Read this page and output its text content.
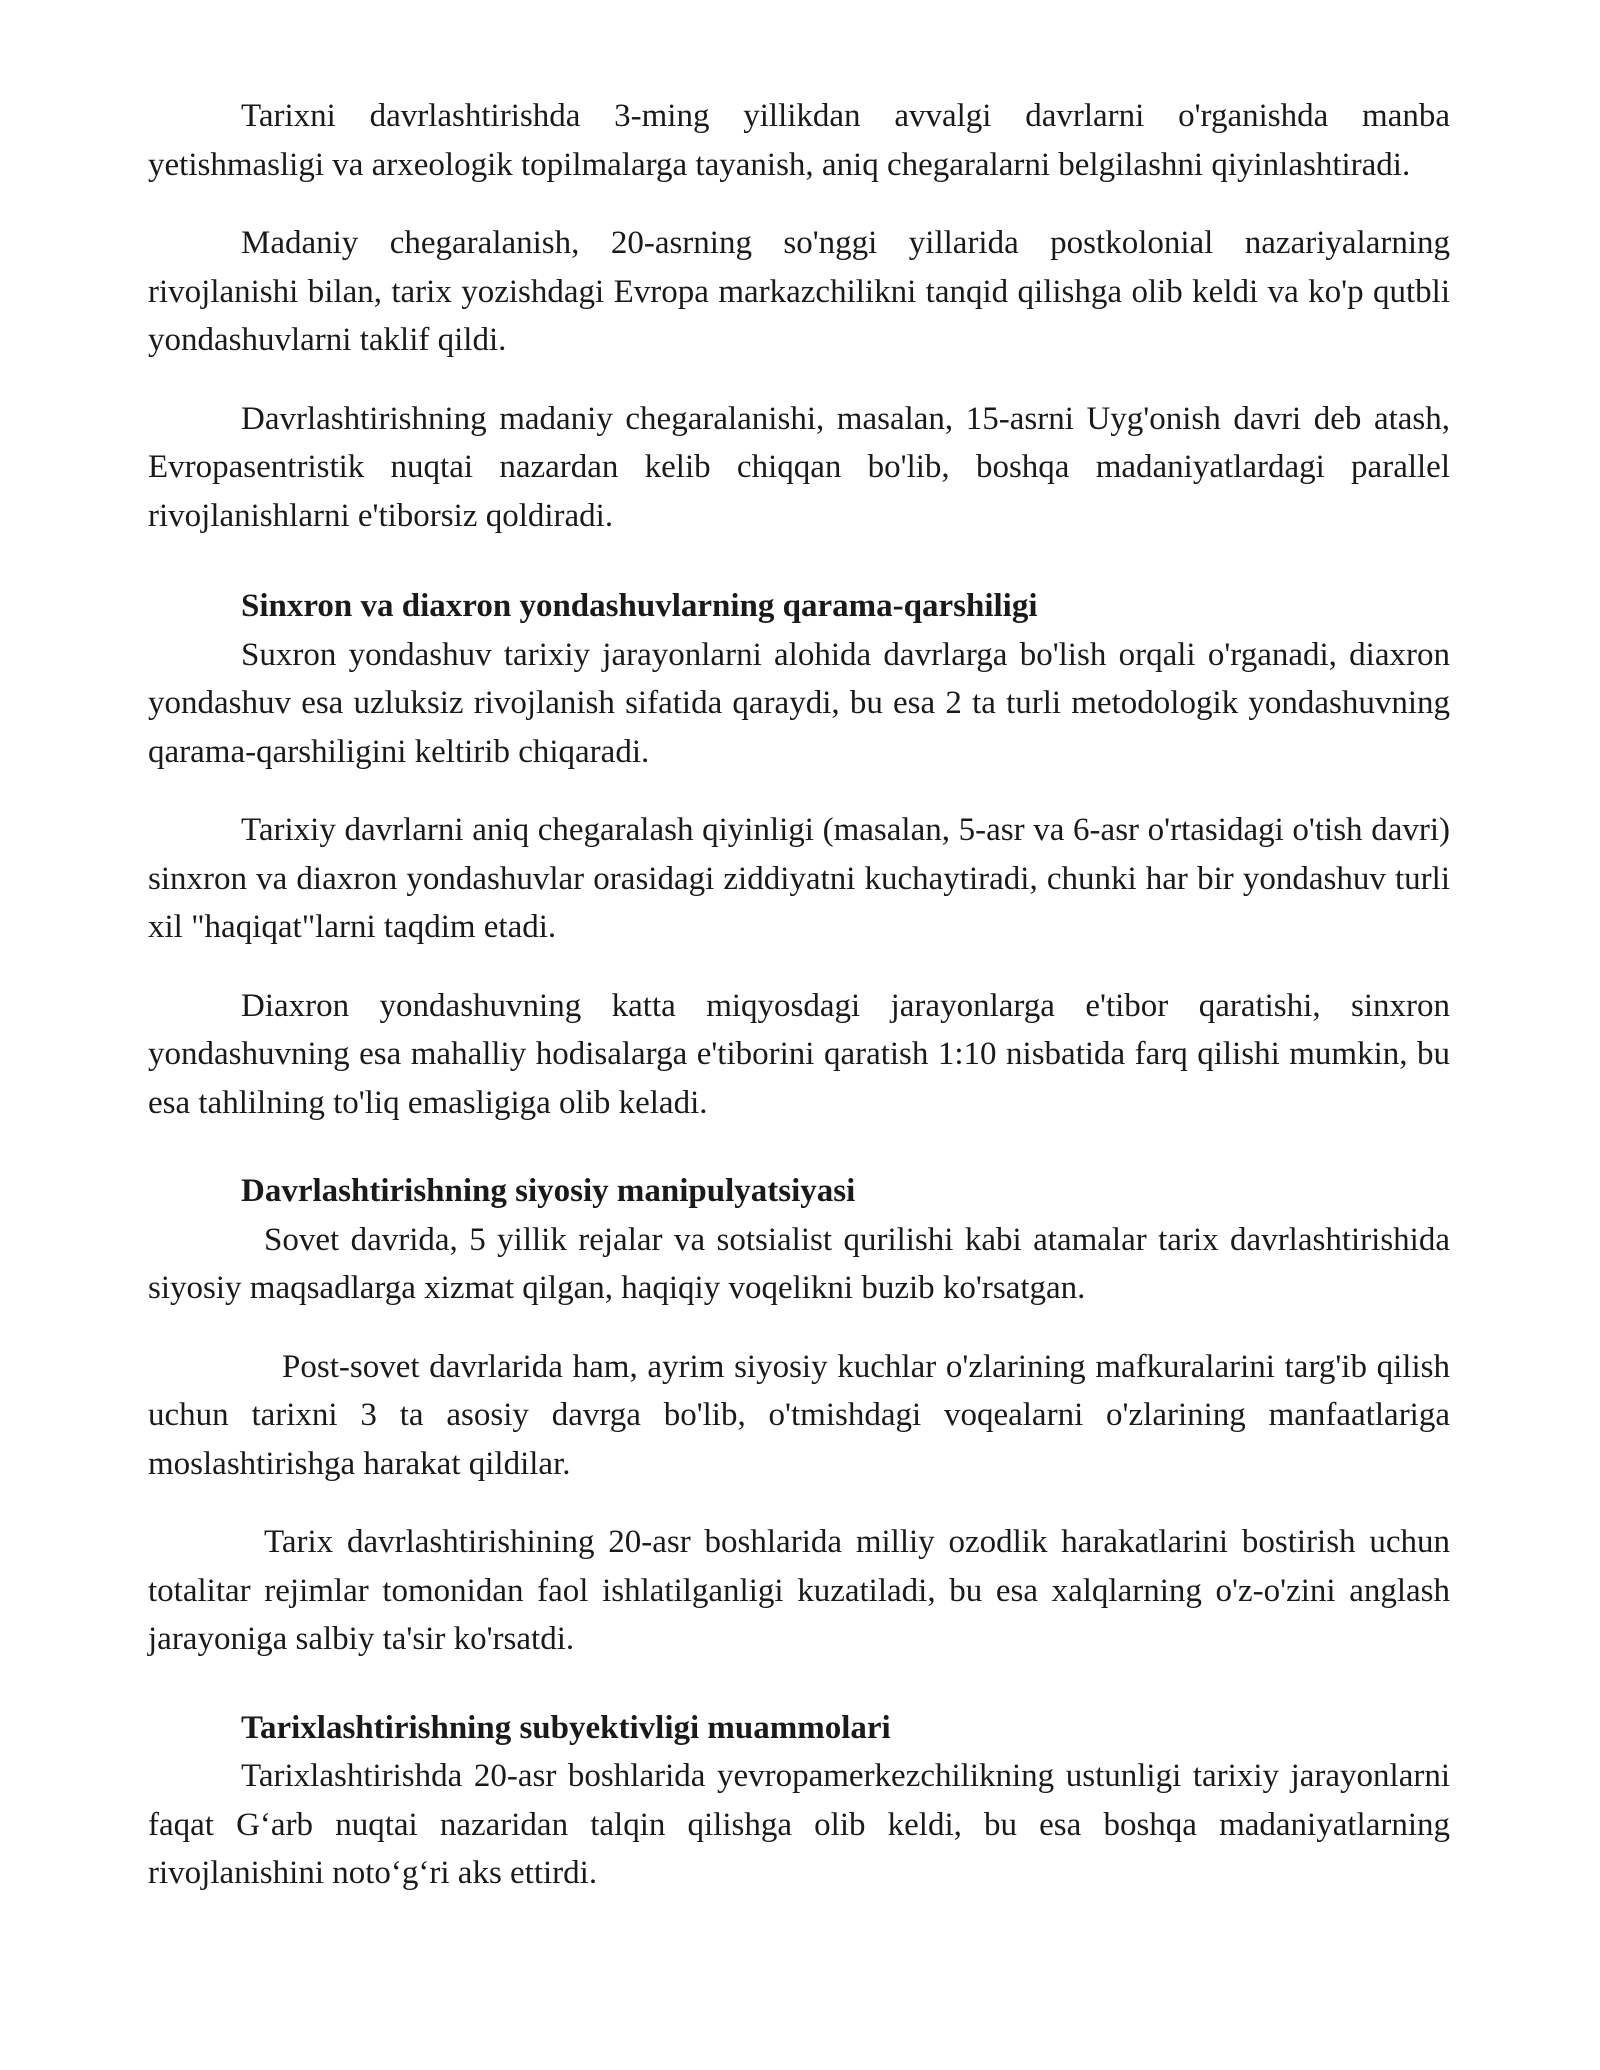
Tarixni davrlashtirishda 3-ming yillikdan avvalgi davrlarni o'rganishda manba yetishmasligi va arxeologik topilmalarga tayanish, aniq chegaralarni belgilashni qiyinlashtiradi.

Madaniy chegaralanish, 20-asrning so'nggi yillarida postkolonial nazariyalarning rivojlanishi bilan, tarix yozishdagi Evropa markazchilikni tanqid qilishga olib keldi va ko'p qutbli yondashuvlarni taklif qildi.

Davrlashtirishning madaniy chegaralanishi, masalan, 15-asrni Uyg'onish davri deb atash, Evropasentristik nuqtai nazardan kelib chiqqan bo'lib, boshqa madaniyatlardagi parallel rivojlanishlarni e'tiborsiz qoldiradi.

Sinxron va diaxron yondashuvlarning qarama-qarshiligi

Suxron yondashuv tarixiy jarayonlarni alohida davrlarga bo'lish orqali o'rganadi, diaxron yondashuv esa uzluksiz rivojlanish sifatida qaraydi, bu esa 2 ta turli metodologik yondashuvning qarama-qarshiligini keltirib chiqaradi.

Tarixiy davrlarni aniq chegaralash qiyinligi (masalan, 5-asr va 6-asr o'rtasidagi o'tish davri) sinxron va diaxron yondashuvlar orasidagi ziddiyatni kuchaytiradi, chunki har bir yondashuv turli xil "haqiqat"larni taqdim etadi.

Diaxron yondashuvning katta miqyosdagi jarayonlarga e'tibor qaratishi, sinxron yondashuvning esa mahalliy hodisalarga e'tiborini qaratish 1:10 nisbatida farq qilishi mumkin, bu esa tahlilning to'liq emasligiga olib keladi.

Davrlashtirishning siyosiy manipulyatsiyasi

Sovet davrida, 5 yillik rejalar va sotsialist qurilishi kabi atamalar tarix davrlashtirishida siyosiy maqsadlarga xizmat qilgan, haqiqiy voqelikni buzib ko'rsatgan.

Post-sovet davrlarida ham, ayrim siyosiy kuchlar o'zlarining mafkuralarini targ'ib qilish uchun tarixni 3 ta asosiy davrga bo'lib, o'tmishdagi voqealarni o'zlarining manfaatlariga moslashtirishga harakat qildilar.

Tarix davrlashtirishining 20-asr boshlarida milliy ozodlik harakatlarini bostirish uchun totalitar rejimlar tomonidan faol ishlatilganligi kuzatiladi, bu esa xalqlarning o'z-o'zini anglash jarayoniga salbiy ta'sir ko'rsatdi.

Tarixlashtirishning subyektivligi muammolari

Tarixlashtirishda 20-asr boshlarida yevropamerkezchilikning ustunligi tarixiy jarayonlarni faqat G‘arb nuqtai nazaridan talqin qilishga olib keldi, bu esa boshqa madaniyatlarning rivojlanishini noto‘g‘ri aks ettirdi.
